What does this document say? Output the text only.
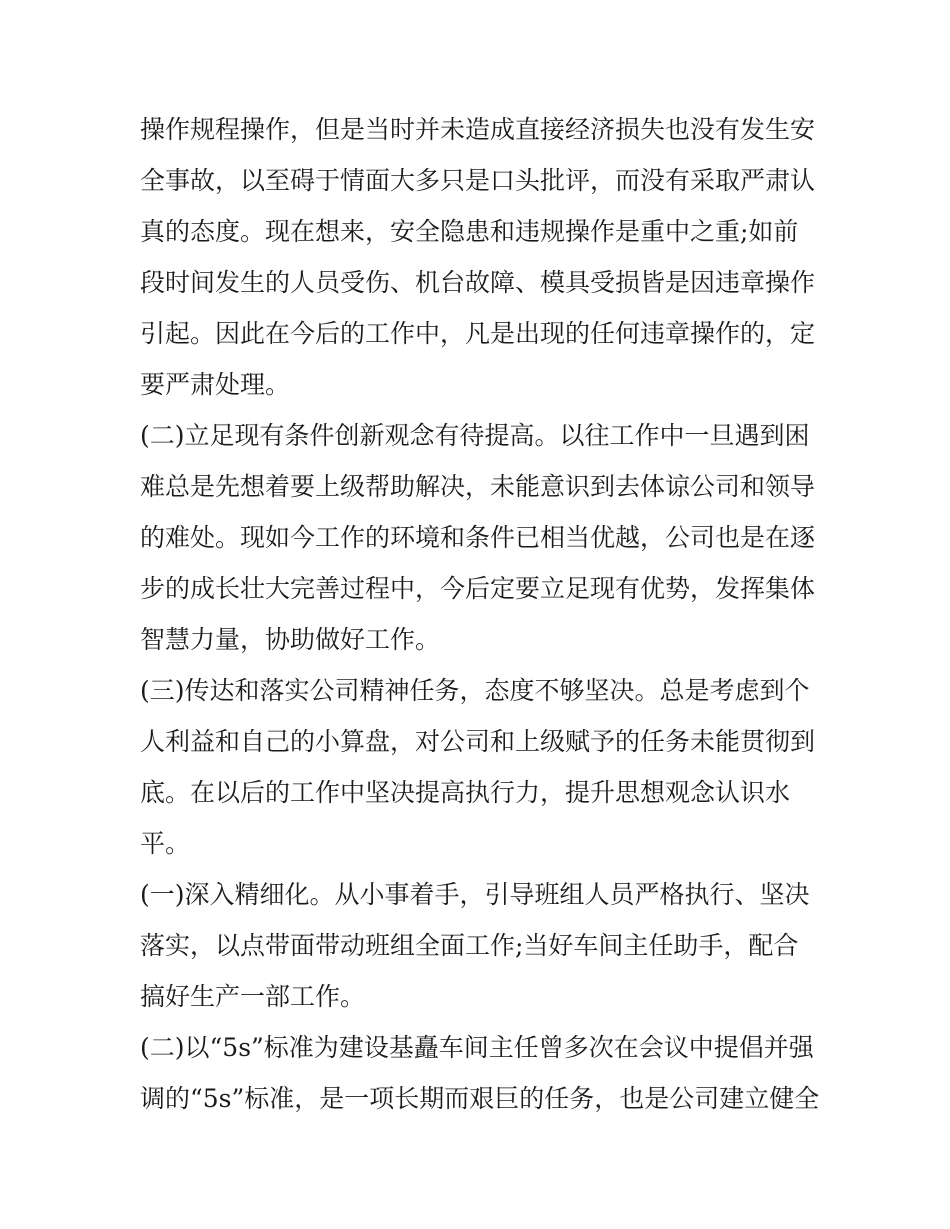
操作规程操作，但是当时并未造成直接经济损失也没有发生安
全事故，以至碍于情面大多只是口头批评，而没有采取严肃认
真的态度。现在想来，安全隐患和违规操作是重中之重;如前
段时间发生的人员受伤、机台故障、模具受损皆是因违章操作
引起。因此在今后的工作中，凡是出现的任何违章操作的，定
要严肃处理。
(二)立足现有条件创新观念有待提高。以往工作中一旦遇到困
难总是先想着要上级帮助解决，未能意识到去体谅公司和领导
的难处。现如今工作的环境和条件已相当优越，公司也是在逐
步的成长壮大完善过程中，今后定要立足现有优势，发挥集体
智慧力量，协助做好工作。
(三)传达和落实公司精神任务，态度不够坚决。总是考虑到个
人利益和自己的小算盘，对公司和上级赋予的任务未能贯彻到
底。在以后的工作中坚决提高执行力，提升思想观念认识水
平。
(一)深入精细化。从小事着手，引导班组人员严格执行、坚决
落实，以点带面带动班组全面工作;当好车间主任助手，配合
搞好生产一部工作。
(二)以“5s”标准为建设基矗车间主任曾多次在会议中提倡并强
调的“5s”标准，是一项长期而艰巨的任务，也是公司建立健全
